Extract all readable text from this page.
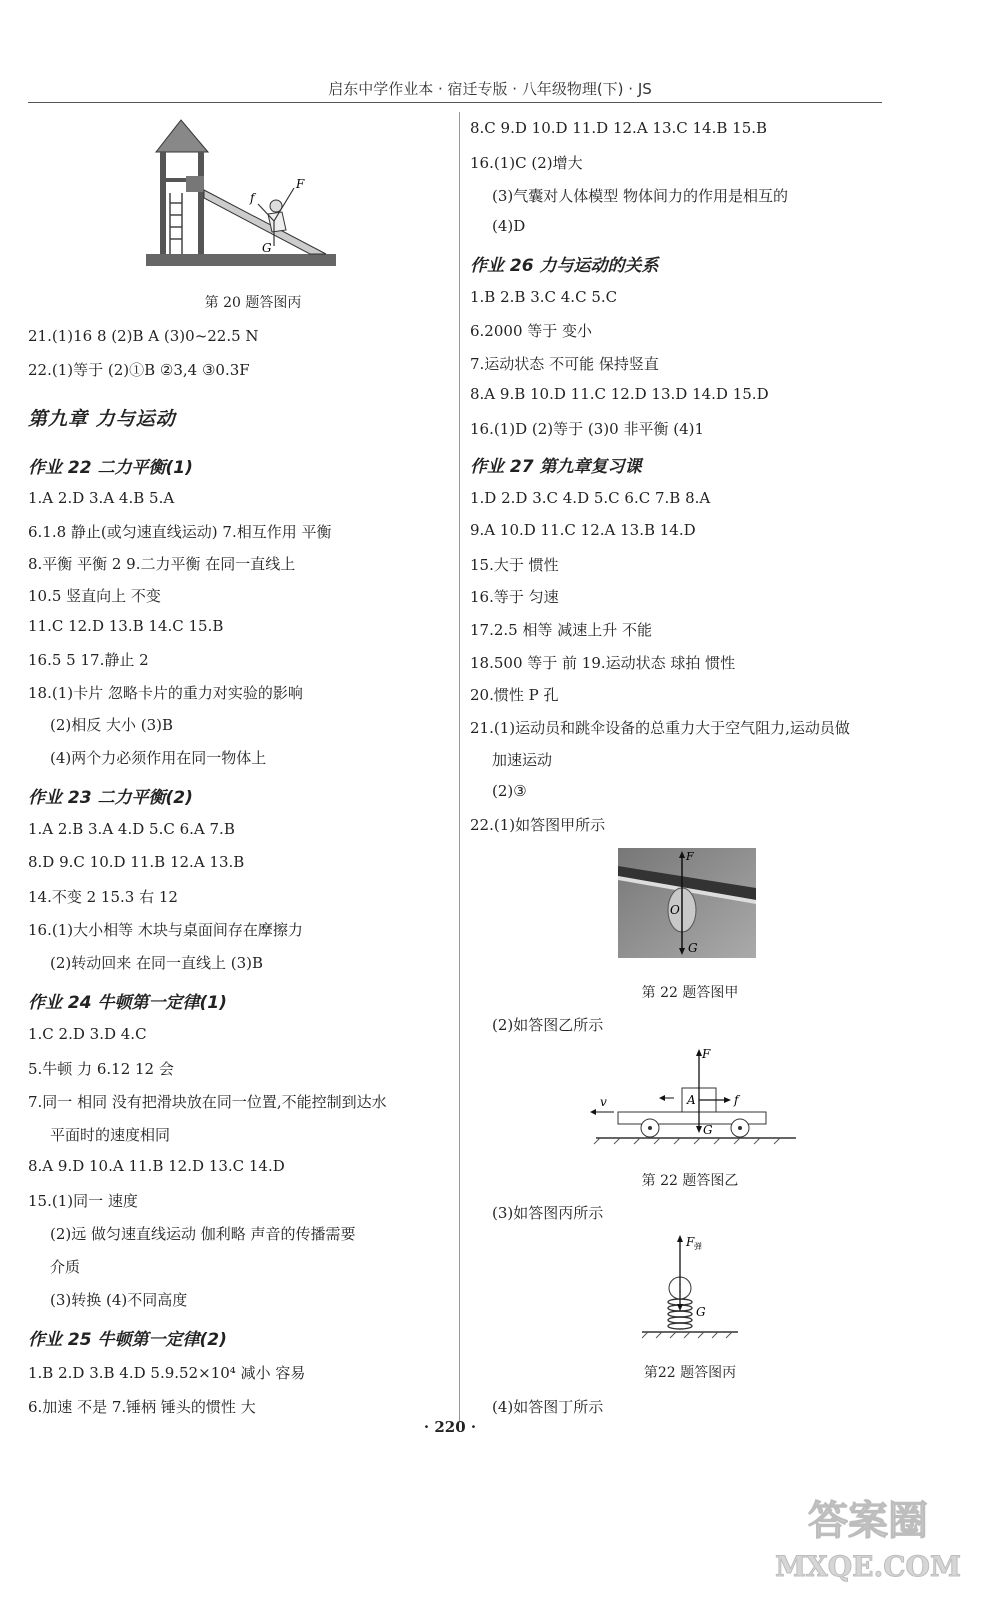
启东中学作业本 · 宿迁专版 · 八年级物理(下) · JS
F
f
G
第 20 题答图丙
21.(1)16 8 (2)B A (3)0~22.5 N
22.(1)等于 (2)①B ②3,4 ③0.3F
第九章 力与运动
作业 22 二力平衡(1)
1.A 2.D 3.A 4.B 5.A
6.1.8 静止(或匀速直线运动) 7.相互作用 平衡
8.平衡 平衡 2 9.二力平衡 在同一直线上
10.5 竖直向上 不变
11.C 12.D 13.B 14.C 15.B
16.5 5 17.静止 2
18.(1)卡片 忽略卡片的重力对实验的影响
(2)相反 大小 (3)B
(4)两个力必须作用在同一物体上
作业 23 二力平衡(2)
1.A 2.B 3.A 4.D 5.C 6.A 7.B
8.D 9.C 10.D 11.B 12.A 13.B
14.不变 2 15.3 右 12
16.(1)大小相等 木块与桌面间存在摩擦力
(2)转动回来 在同一直线上 (3)B
作业 24 牛顿第一定律(1)
1.C 2.D 3.D 4.C
5.牛顿 力 6.12 12 会
7.同一 相同 没有把滑块放在同一位置,不能控制到达水
平面时的速度相同
8.A 9.D 10.A 11.B 12.D 13.C 14.D
15.(1)同一 速度
(2)远 做匀速直线运动 伽利略 声音的传播需要
介质
(3)转换 (4)不同高度
作业 25 牛顿第一定律(2)
1.B 2.D 3.B 4.D 5.9.52×10⁴ 减小 容易
6.加速 不是 7.锤柄 锤头的惯性 大
8.C 9.D 10.D 11.D 12.A 13.C 14.B 15.B
16.(1)C (2)增大
(3)气囊对人体模型 物体间力的作用是相互的
(4)D
作业 26 力与运动的关系
1.B 2.B 3.C 4.C 5.C
6.2000 等于 变小
7.运动状态 不可能 保持竖直
8.A 9.B 10.D 11.C 12.D 13.D 14.D 15.D
16.(1)D (2)等于 (3)0 非平衡 (4)1
作业 27 第九章复习课
1.D 2.D 3.C 4.D 5.C 6.C 7.B 8.A
9.A 10.D 11.C 12.A 13.B 14.D
15.大于 惯性
16.等于 匀速
17.2.5 相等 减速上升 不能
18.500 等于 前 19.运动状态 球拍 惯性
20.惯性 P 孔
21.(1)运动员和跳伞设备的总重力大于空气阻力,运动员做
加速运动
(2)③
22.(1)如答图甲所示
F
O
G
第 22 题答图甲
(2)如答图乙所示
F
A	f
v
G
第 22 题答图乙
(3)如答图丙所示
F 弹
G
第22 题答图丙
(4)如答图丁所示
· 220 ·
答案圈
MXQE.COM
